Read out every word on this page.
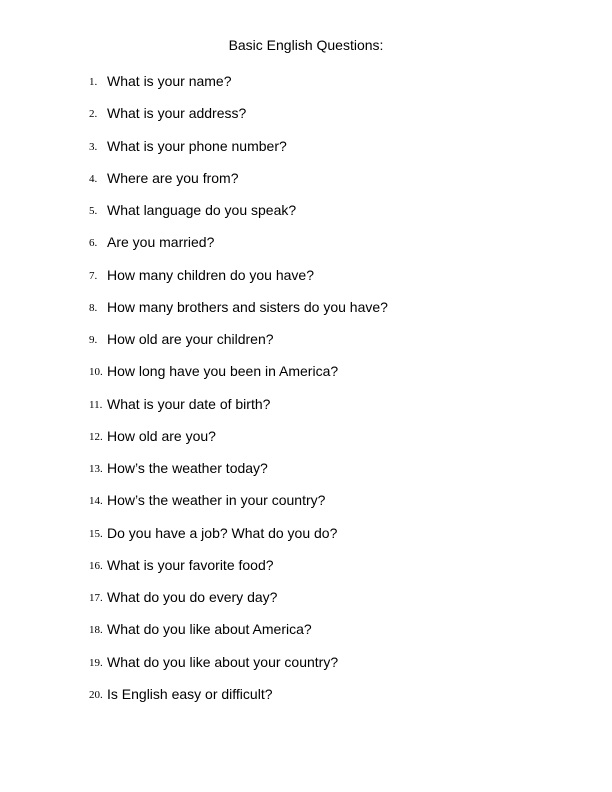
Basic English Questions:
1. What is your name?
2. What is your address?
3. What is your phone number?
4. Where are you from?
5. What language do you speak?
6. Are you married?
7. How many children do you have?
8. How many brothers and sisters do you have?
9. How old are your children?
10. How long have you been in America?
11. What is your date of birth?
12. How old are you?
13. How’s the weather today?
14. How’s the weather in your country?
15. Do you have a job? What do you do?
16. What is your favorite food?
17. What do you do every day?
18. What do you like about America?
19. What do you like about your country?
20. Is English easy or difficult?
